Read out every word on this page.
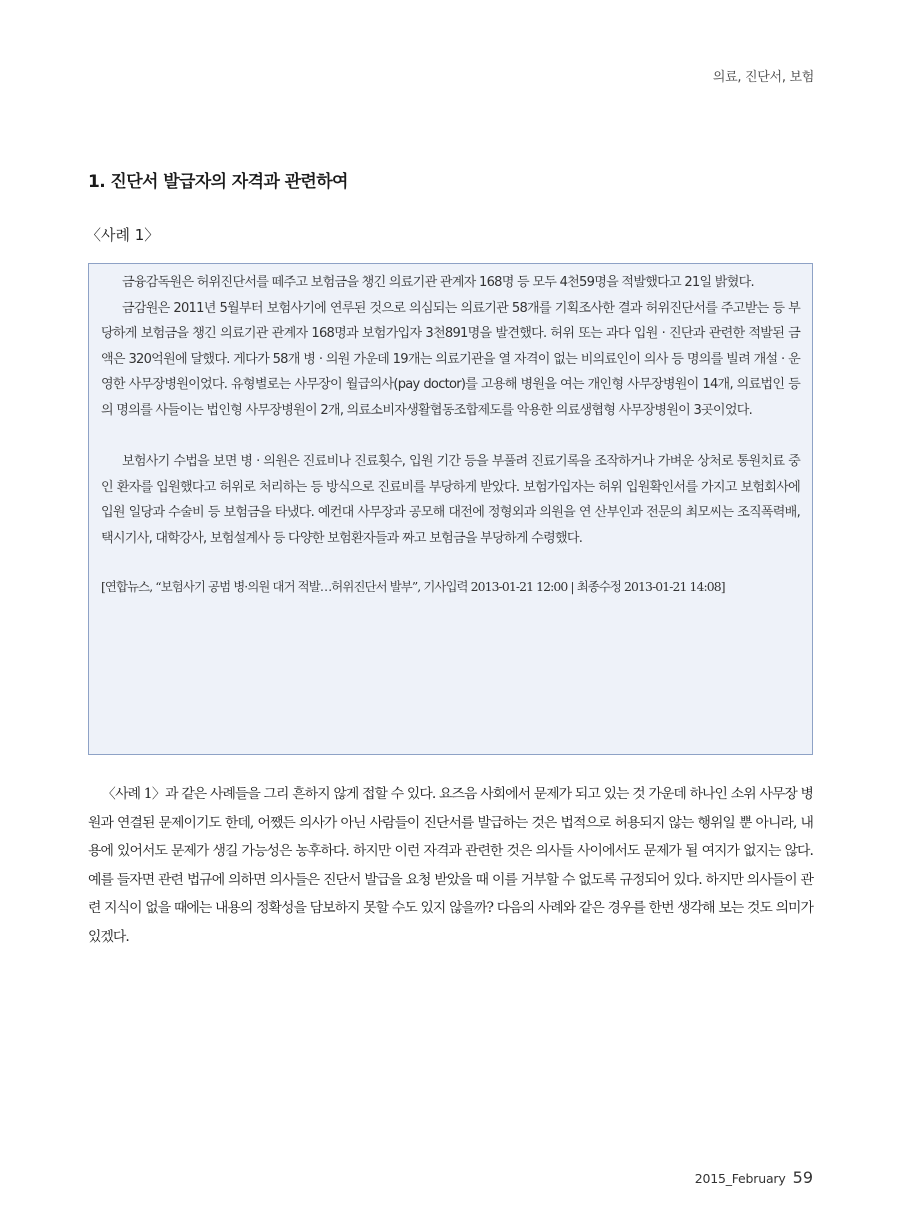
의료, 진단서, 보험
1. 진단서 발급자의 자격과 관련하여
〈사례 1〉

금융감독원은 허위진단서를 떼주고 보험금을 챙긴 의료기관 관계자 168명 등 모두 4천59명을 적발했다고 21일 밝혔다.

금감원은 2011년 5월부터 보험사기에 연루된 것으로 의심되는 의료기관 58개를 기획조사한 결과 허위진단서를 주고받는 등 부당하게 보험금을 챙긴 의료기관 관계자 168명과 보험가입자 3천891명을 발견했다. 허위 또는 과다 입원 · 진단과 관련한 적발된 금액은 320억원에 달했다. 게다가 58개 병 · 의원 가운데 19개는 의료기관을 열 자격이 없는 비의료인이 의사 등 명의를 빌려 개설 · 운영한 사무장병원이었다. 유형별로는 사무장이 월급의사(pay doctor)를 고용해 병원을 여는 개인형 사무장병원이 14개, 의료법인 등의 명의를 사들이는 법인형 사무장병원이 2개, 의료소비자생활협동조합제도를 악용한 의료생협형 사무장병원이 3곳이었다.

보험사기 수법을 보면 병 · 의원은 진료비나 진료횟수, 입원 기간 등을 부풀려 진료기록을 조작하거나 가벼운 상처로 통원치료 중인 환자를 입원했다고 허위로 처리하는 등 방식으로 진료비를 부당하게 받았다. 보험가입자는 허위 입원확인서를 가지고 보험회사에 입원 일당과 수술비 등 보험금을 타냈다. 예컨대 사무장과 공모해 대전에 정형외과 의원을 연 산부인과 전문의 최모씨는 조직폭력배, 택시기사, 대학강사, 보험설계사 등 다양한 보험환자들과 짜고 보험금을 부당하게 수령했다.

[연합뉴스, “보험사기 공범 병·의원 대거 적발…허위진단서 발부”, 기사입력 2013-01-21 12:00 | 최종수정 2013-01-21 14:08]

〈사례 1〉과 같은 사례들을 그리 흔하지 않게 접할 수 있다. 요즈음 사회에서 문제가 되고 있는 것 가운데 하나인 소위 사무장 병원과 연결된 문제이기도 한데, 어쨌든 의사가 아닌 사람들이 진단서를 발급하는 것은 법적으로 허용되지 않는 행위일 뿐 아니라, 내용에 있어서도 문제가 생길 가능성은 농후하다. 하지만 이런 자격과 관련한 것은 의사들 사이에서도 문제가 될 여지가 없지는 않다. 예를 들자면 관련 법규에 의하면 의사들은 진단서 발급을 요청 받았을 때 이를 거부할 수 없도록 규정되어 있다. 하지만 의사들이 관련 지식이 없을 때에는 내용의 정확성을 담보하지 못할 수도 있지 않을까? 다음의 사례와 같은 경우를 한번 생각해 보는 것도 의미가 있겠다.

2015_February 59
